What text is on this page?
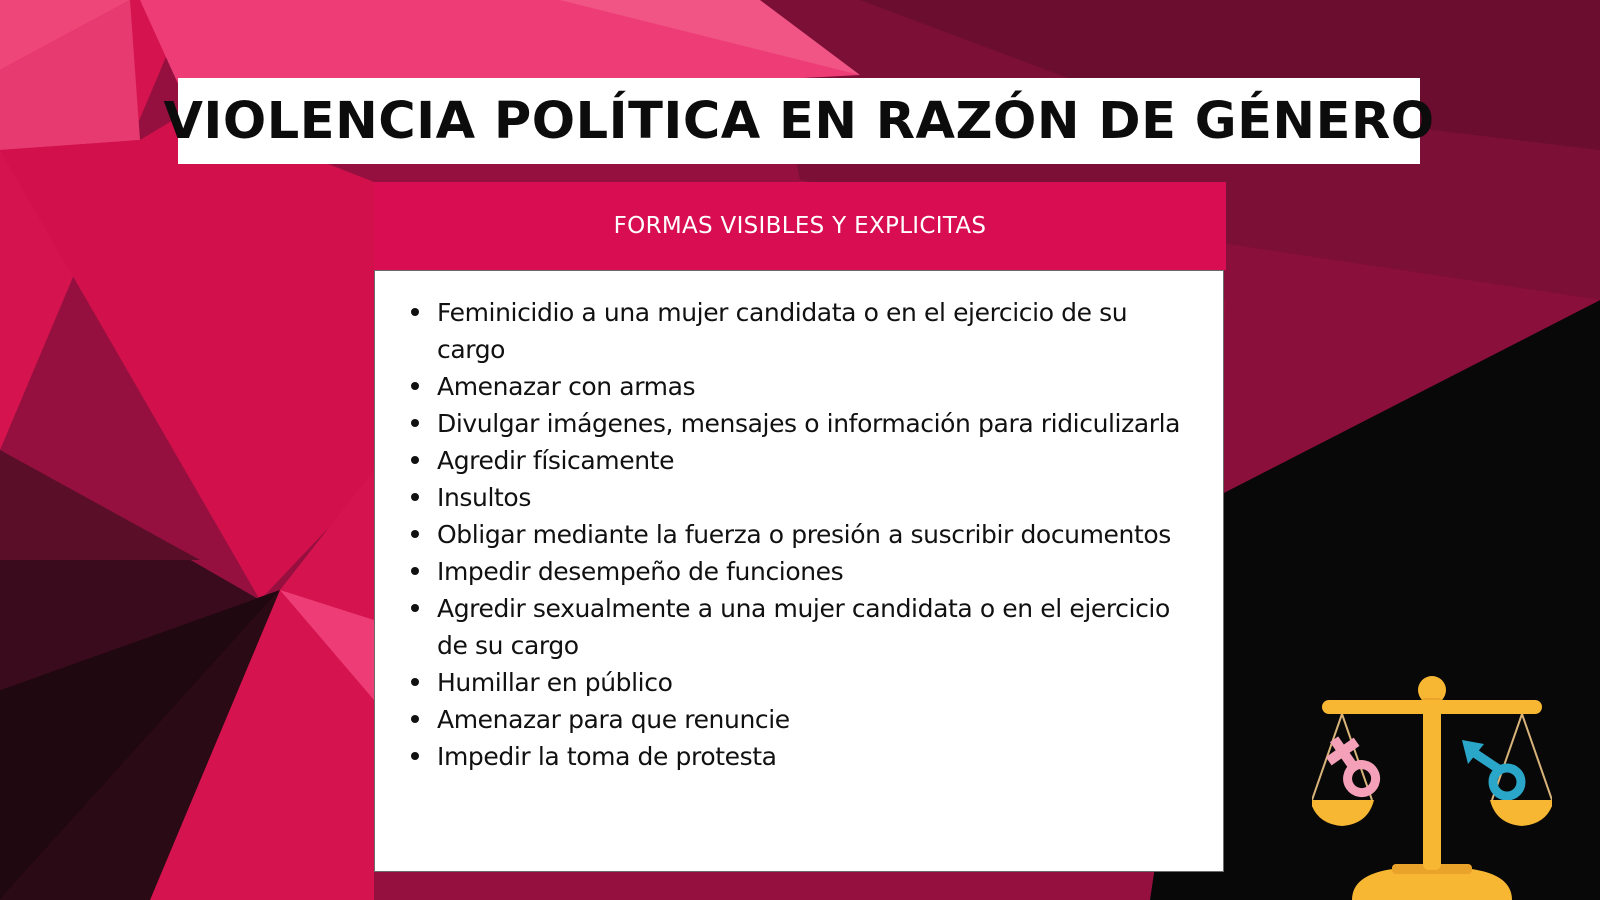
VIOLENCIA POLÍTICA EN RAZÓN DE GÉNERO
FORMAS VISIBLES Y EXPLICITAS
Feminicidio a una mujer candidata o en el ejercicio de su cargo
Amenazar con armas
Divulgar imágenes, mensajes o información para ridiculizarla
Agredir físicamente
Insultos
Obligar mediante la fuerza o presión a suscribir documentos
Impedir desempeño de funciones
Agredir sexualmente a una mujer candidata o en el ejercicio de su cargo
Humillar en público
Amenazar para que renuncie
Impedir la toma de protesta
